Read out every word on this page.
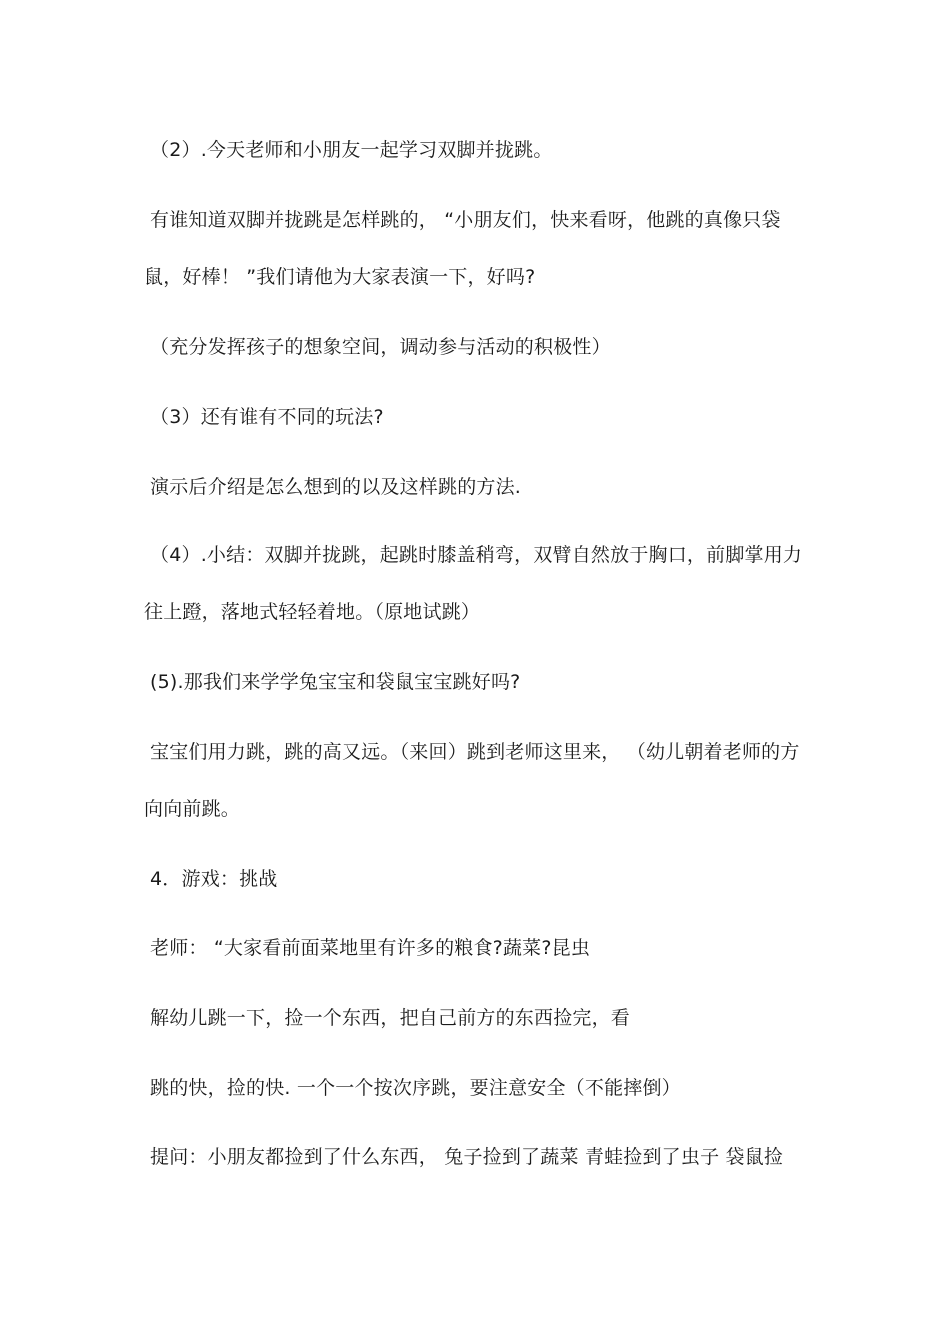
（2）.今天老师和小朋友一起学习双脚并拢跳。
有谁知道双脚并拢跳是怎样跳的， “小朋友们，快来看呀，他跳的真像只袋
鼠，好棒！ ”我们请他为大家表演一下，好吗?
（充分发挥孩子的想象空间，调动参与活动的积极性）
（3）还有谁有不同的玩法?
演示后介绍是怎么想到的以及这样跳的方法.
（4）.小结：双脚并拢跳，起跳时膝盖稍弯，双臂自然放于胸口，前脚掌用力
往上蹬，落地式轻轻着地。（原地试跳）
(5).那我们来学学兔宝宝和袋鼠宝宝跳好吗?
宝宝们用力跳，跳的高又远。（来回）跳到老师这里来， （幼儿朝着老师的方
向向前跳。
4．游戏：挑战
老师： “大家看前面菜地里有许多的粮食?蔬菜?昆虫
解幼儿跳一下，捡一个东西，把自己前方的东西捡完，看
跳的快，捡的快. 一个一个按次序跳，要注意安全（不能摔倒）
提问：小朋友都捡到了什么东西， 兔子捡到了蔬菜 青蛙捡到了虫子 袋鼠捡
